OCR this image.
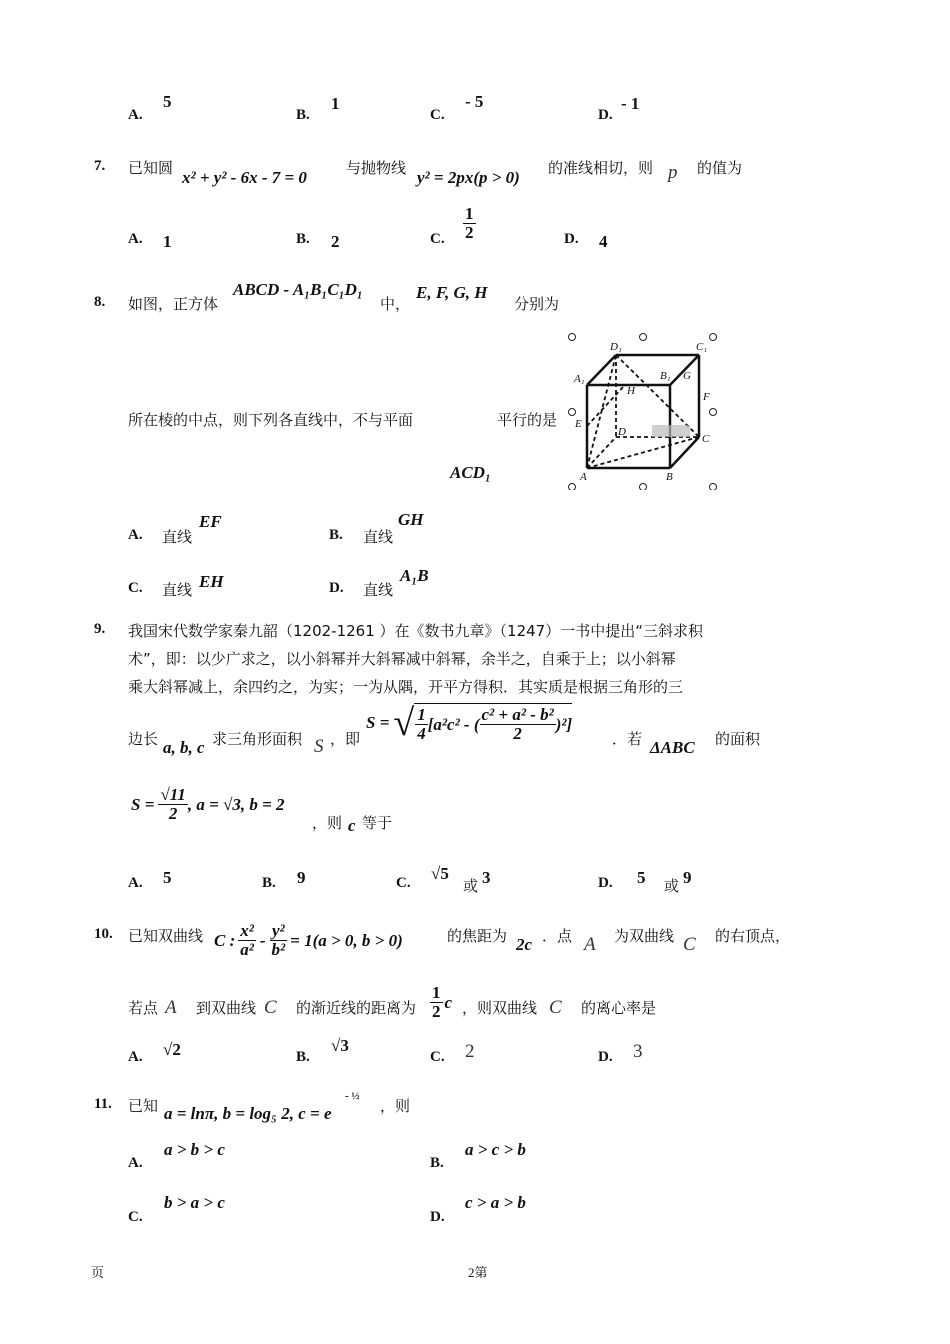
A.
5
B.
1
C.
- 5
D.
- 1
7. 已知圆 x² + y² - 6x - 7 = 0	与抛物线 y² = 2px(p > 0) 的准线相切，则 p 的值为
A. 1	B. 2	C. $\frac{1}{2}$	D. 4
8. 如图，正方体
ABCD - A₁B₁C₁D₁
中，
E, F, G, H
分别为
所在棱的中点，则下列各直线中，不与平面	平行的是
ACD₁
D₁	C₁
A₁	B₁ G
H	F
E
D
C
A	B
A. 直线
EF
B. 直线
GH
C. 直线 EH	D. 直线
A₁B
9. 我国宋代数学家秦九韶（1202-1261 ）在《数书九章》（1247）一书中提出“三斜求积
术”，即：以少广求之，以小斜幂并大斜幂减中斜幂，余半之，自乘于上；以小斜幂
乘大斜幂减上，余四约之，为实；一为从隅，开平方得积．其实质是根据三角形的三
边长 a, b, c 求三角形面积 S ，即
S = √ $\frac{1}{4} [a^2c^2$ - ( $\frac{\text{c² + a² - b²}}{2} )^2$]
．若 ΔABC 的面积
$S = \frac{√11}{2}$ , a = √3, b = 2
，则 c 等于
A. 5	B. 9	C. √5
或 3	D. 5 或 9
10. 已知双曲线 C : $\frac{\text{x²}}{\text{a²}} - \frac{\text{y²}}{\text{b²}} = 1(a > 0$, b > 0)	的焦距为 2c ．点 A 为双曲线 C 的右顶点，
若点 A 到双曲线 C 的渐近线的距离为 $\frac{1}{2}$ c ，则双曲线 C 的离心率是
A. √2	B.
√3
C. 2	D. 3
11. 已知 a = lnπ, b = log₅ 2, c = e
- ½
，则
A.
a > b > c
B.
a > c > b
C.
b > a > c
D.
c > a > b
页	2第
